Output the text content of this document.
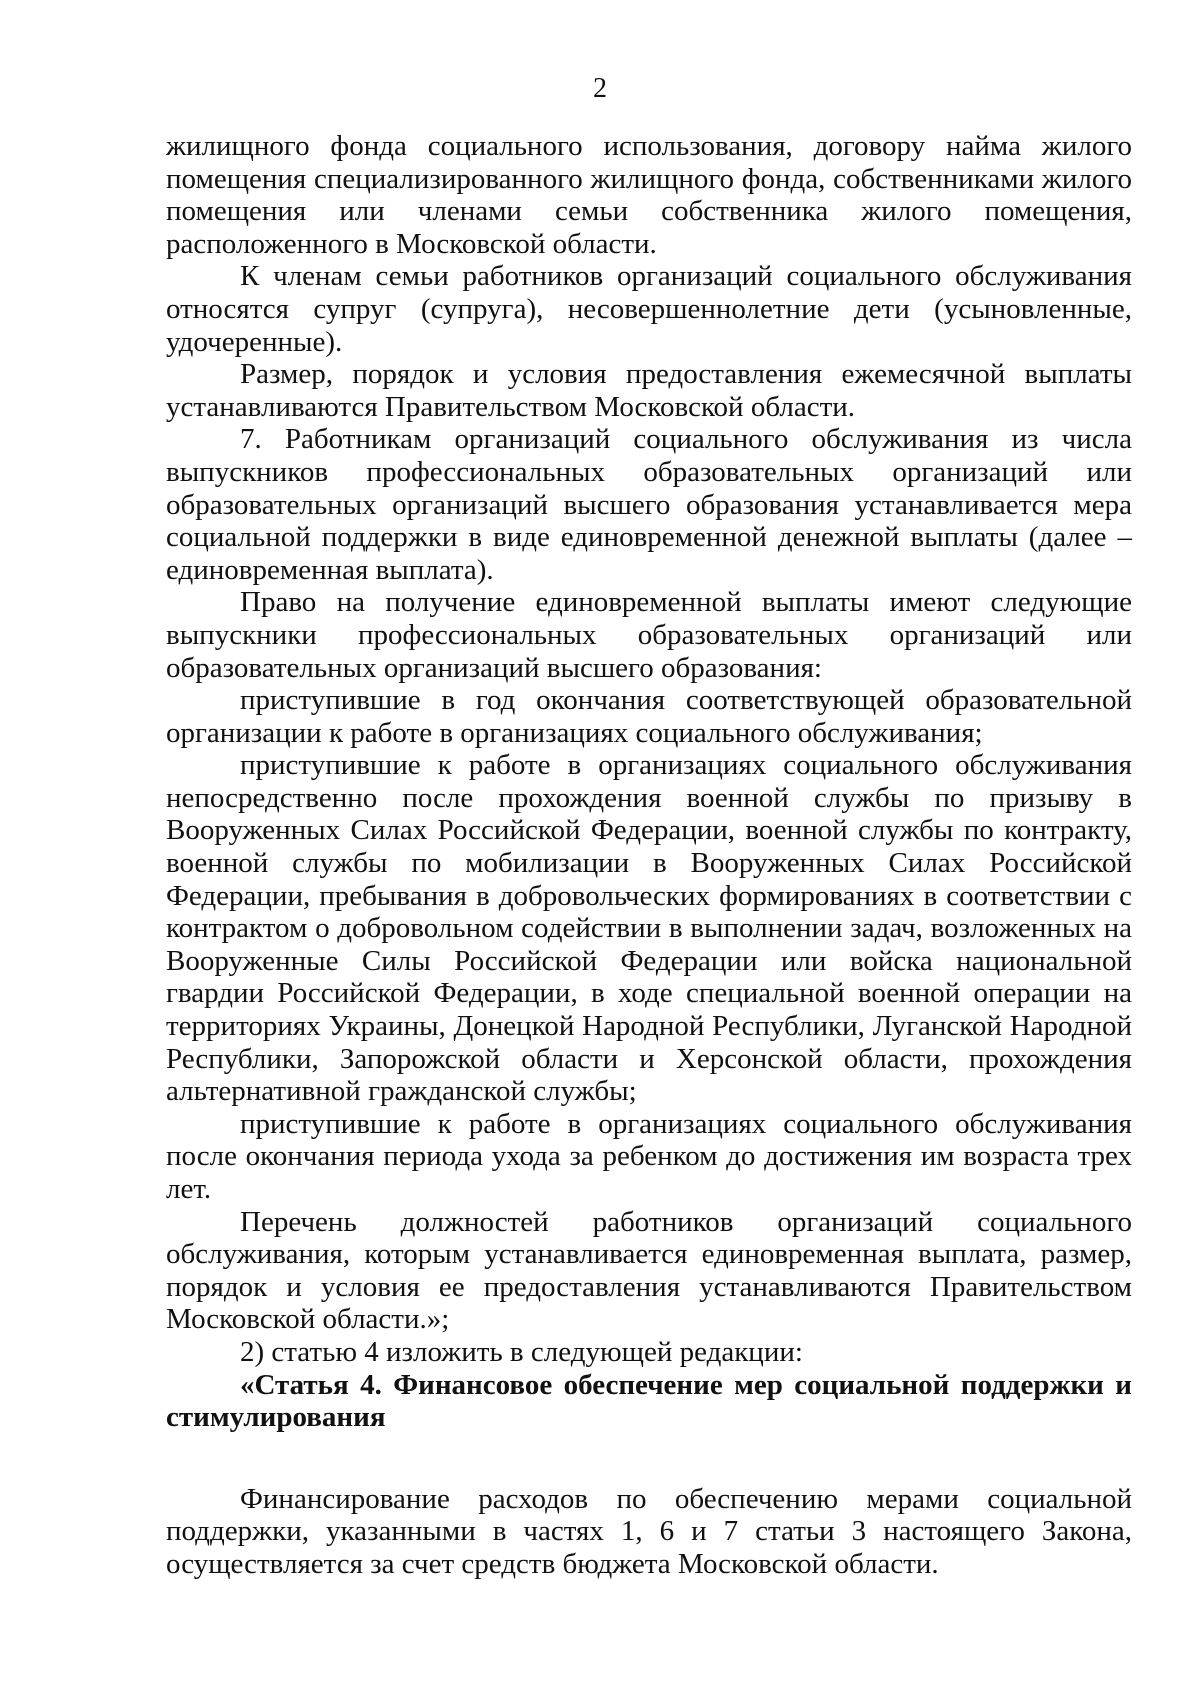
2

жилищного фонда социального использования, договору найма жилого помещения специализированного жилищного фонда, собственниками жилого помещения или членами семьи собственника жилого помещения, расположенного в Московской области.

К членам семьи работников организаций социального обслуживания относятся супруг (супруга), несовершеннолетние дети (усыновленные, удочеренные).

Размер, порядок и условия предоставления ежемесячной выплаты устанавливаются Правительством Московской области.

7. Работникам организаций социального обслуживания из числа выпускников профессиональных образовательных организаций или образовательных организаций высшего образования устанавливается мера социальной поддержки в виде единовременной денежной выплаты (далее – единовременная выплата).

Право на получение единовременной выплаты имеют следующие выпускники профессиональных образовательных организаций или образовательных организаций высшего образования:

приступившие в год окончания соответствующей образовательной организации к работе в организациях социального обслуживания;

приступившие к работе в организациях социального обслуживания непосредственно после прохождения военной службы по призыву в Вооруженных Силах Российской Федерации, военной службы по контракту, военной службы по мобилизации в Вооруженных Силах Российской Федерации, пребывания в добровольческих формированиях в соответствии с контрактом о добровольном содействии в выполнении задач, возложенных на Вооруженные Силы Российской Федерации или войска национальной гвардии Российской Федерации, в ходе специальной военной операции на территориях Украины, Донецкой Народной Республики, Луганской Народной Республики, Запорожской области и Херсонской области, прохождения альтернативной гражданской службы;

приступившие к работе в организациях социального обслуживания после окончания периода ухода за ребенком до достижения им возраста трех лет.

Перечень должностей работников организаций социального обслуживания, которым устанавливается единовременная выплата, размер, порядок и условия ее предоставления устанавливаются Правительством Московской области.»;

2) статью 4 изложить в следующей редакции:

«Статья 4. Финансовое обеспечение мер социальной поддержки и стимулирования

Финансирование расходов по обеспечению мерами социальной поддержки, указанными в частях 1, 6 и 7 статьи 3 настоящего Закона, осуществляется за счет средств бюджета Московской области.
